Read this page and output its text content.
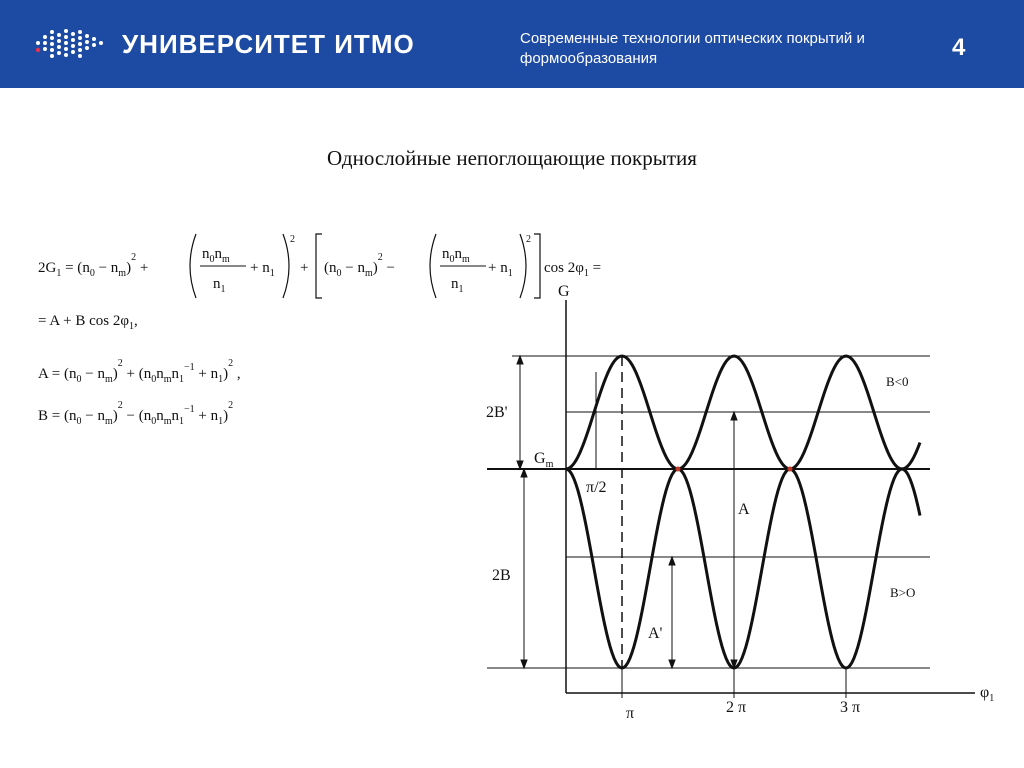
УНИВЕРСИТЕТ ИТМО	Современные технологии оптических покрытий и
формообразования	4
Однослойные непоглощающие покрытия
$2G_1 = (n_0 - n_m)^2$ +
$n_0n_m$
$n_1$
+ $n_1$
2
+ $(n_0 - n_m)^2$ −
$n_0n_m$
$n_1$
+ $n_1$
2
$\cos 2\varphi_1$ =
= A + B $\cos 2\varphi_1$,
$A = (n_0 - n_m)^2 + (n_0n_mn_1^{-1} + n_1)^2$ ,
$B = (n_0 - n_m)^2 - (n_0n_mn_1^{-1} + n_1)^2$
G
$\varphi_1$
2B'
$G_m$
π/2
A
A'
2B
B<0
B>O
π	2 π	3 π
